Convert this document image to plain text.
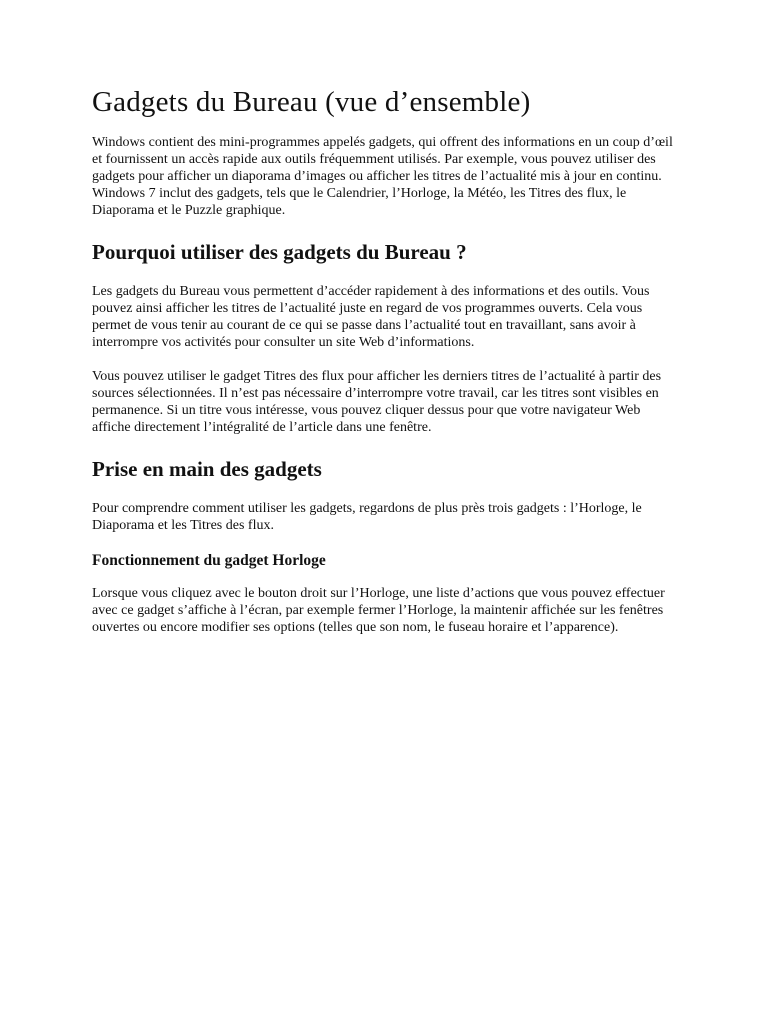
Gadgets du Bureau (vue d’ensemble)

Windows contient des mini-programmes appelés gadgets, qui offrent des informations en un coup d’œil et fournissent un accès rapide aux outils fréquemment utilisés. Par exemple, vous pouvez utiliser des gadgets pour afficher un diaporama d’images ou afficher les titres de l’actualité mis à jour en continu. Windows 7 inclut des gadgets, tels que le Calendrier, l’Horloge, la Météo, les Titres des flux, le Diaporama et le Puzzle graphique.

Pourquoi utiliser des gadgets du Bureau ?

Les gadgets du Bureau vous permettent d’accéder rapidement à des informations et des outils. Vous pouvez ainsi afficher les titres de l’actualité juste en regard de vos programmes ouverts. Cela vous permet de vous tenir au courant de ce qui se passe dans l’actualité tout en travaillant, sans avoir à interrompre vos activités pour consulter un site Web d’informations.

Vous pouvez utiliser le gadget Titres des flux pour afficher les derniers titres de l’actualité à partir des sources sélectionnées. Il n’est pas nécessaire d’interrompre votre travail, car les titres sont visibles en permanence. Si un titre vous intéresse, vous pouvez cliquer dessus pour que votre navigateur Web affiche directement l’intégralité de l’article dans une fenêtre.

Prise en main des gadgets

Pour comprendre comment utiliser les gadgets, regardons de plus près trois gadgets : l’Horloge, le Diaporama et les Titres des flux.

Fonctionnement du gadget Horloge

Lorsque vous cliquez avec le bouton droit sur l’Horloge, une liste d’actions que vous pouvez effectuer avec ce gadget s’affiche à l’écran, par exemple fermer l’Horloge, la maintenir affichée sur les fenêtres ouvertes ou encore modifier ses options (telles que son nom, le fuseau horaire et l’apparence).
